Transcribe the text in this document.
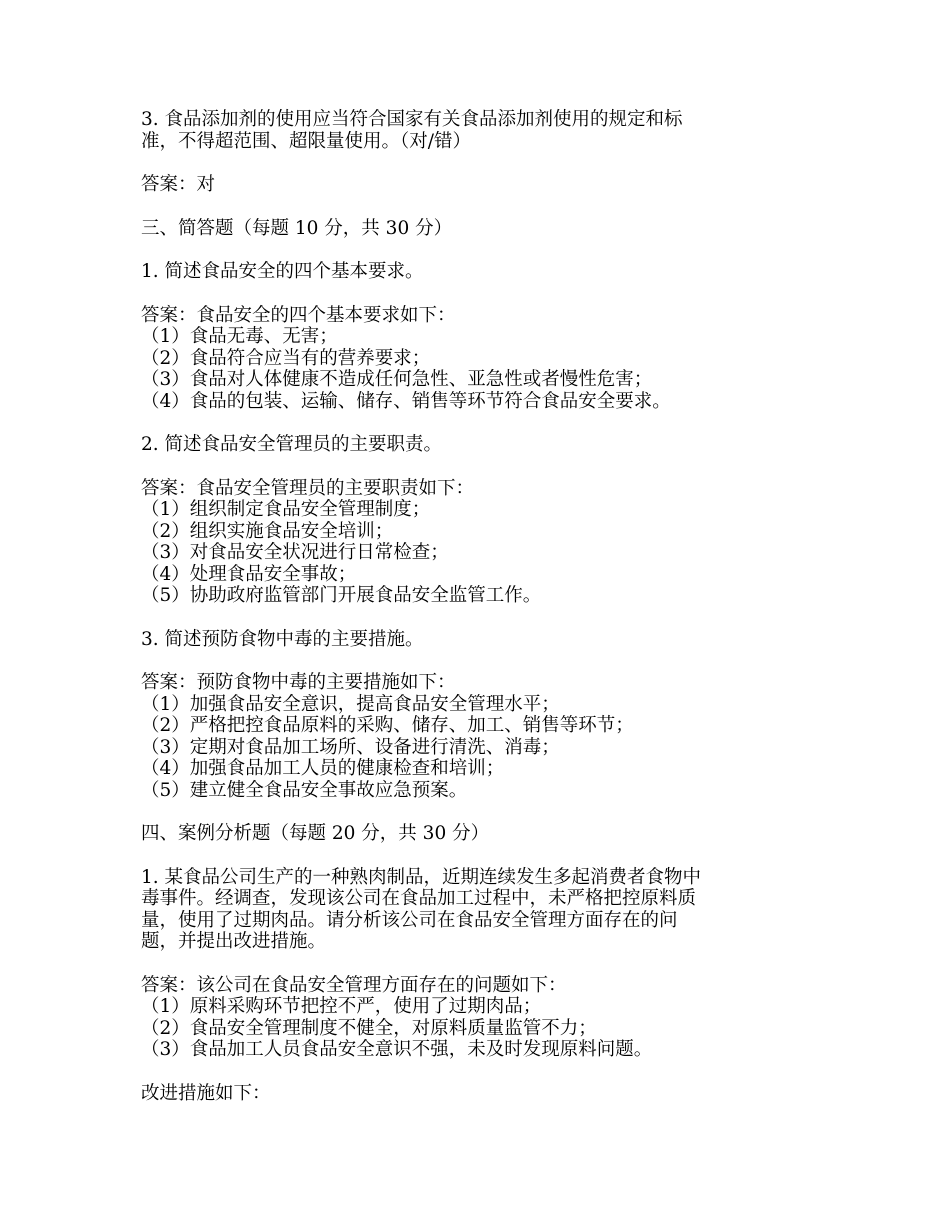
3. 食品添加剂的使用应当符合国家有关食品添加剂使用的规定和标
准，不得超范围、超限量使用。（对/错）
答案：对
三、简答题（每题 10 分，共 30 分）
1. 简述食品安全的四个基本要求。
答案：食品安全的四个基本要求如下：
（1）食品无毒、无害；
（2）食品符合应当有的营养要求；
（3）食品对人体健康不造成任何急性、亚急性或者慢性危害；
（4）食品的包装、运输、储存、销售等环节符合食品安全要求。
2. 简述食品安全管理员的主要职责。
答案：食品安全管理员的主要职责如下：
（1）组织制定食品安全管理制度；
（2）组织实施食品安全培训；
（3）对食品安全状况进行日常检查；
（4）处理食品安全事故；
（5）协助政府监管部门开展食品安全监管工作。
3. 简述预防食物中毒的主要措施。
答案：预防食物中毒的主要措施如下：
（1）加强食品安全意识，提高食品安全管理水平；
（2）严格把控食品原料的采购、储存、加工、销售等环节；
（3）定期对食品加工场所、设备进行清洗、消毒；
（4）加强食品加工人员的健康检查和培训；
（5）建立健全食品安全事故应急预案。
四、案例分析题（每题 20 分，共 30 分）
1. 某食品公司生产的一种熟肉制品，近期连续发生多起消费者食物中
毒事件。经调查，发现该公司在食品加工过程中，未严格把控原料质
量，使用了过期肉品。请分析该公司在食品安全管理方面存在的问
题，并提出改进措施。
答案：该公司在食品安全管理方面存在的问题如下：
（1）原料采购环节把控不严，使用了过期肉品；
（2）食品安全管理制度不健全，对原料质量监管不力；
（3）食品加工人员食品安全意识不强，未及时发现原料问题。
改进措施如下：
